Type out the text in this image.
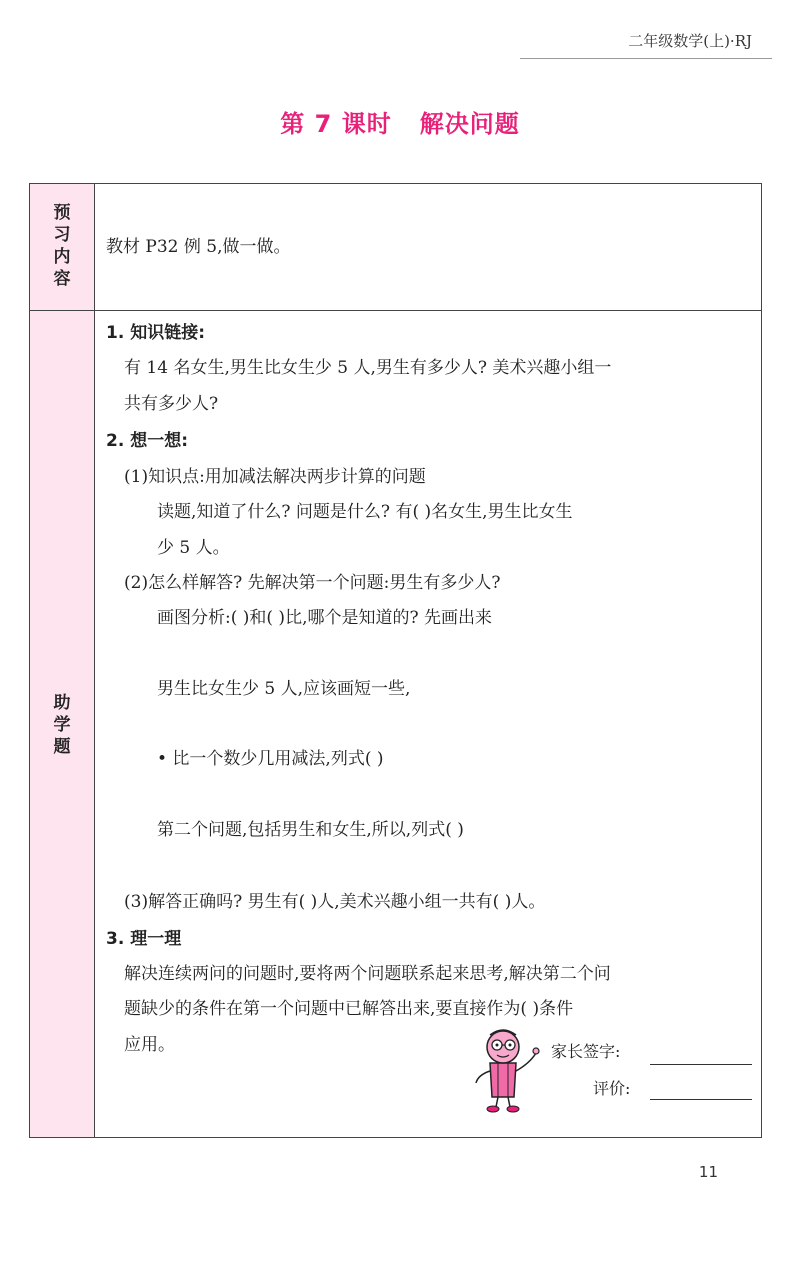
二年级数学(上)·RJ
第 7 课时 解决问题
预
习
内
容
教材 P32 例 5,做一做。
助
学
题
1. 知识链接:
有 14 名女生,男生比女生少 5 人,男生有多少人? 美术兴趣小组一
共有多少人?
2. 想一想:
(1)知识点:用加减法解决两步计算的问题
读题,知道了什么? 问题是什么? 有( )名女生,男生比女生
少 5 人。
(2)怎么样解答? 先解决第一个问题:男生有多少人?
画图分析:( )和( )比,哪个是知道的? 先画出来
男生比女生少 5 人,应该画短一些,
• 比一个数少几用减法,列式( )
第二个问题,包括男生和女生,所以,列式( )
(3)解答正确吗? 男生有( )人,美术兴趣小组一共有( )人。
3. 理一理
解决连续两问的问题时,要将两个问题联系起来思考,解决第二个问
题缺少的条件在第一个问题中已解答出来,要直接作为( )条件
应用。	家长签字:
评价:
11
